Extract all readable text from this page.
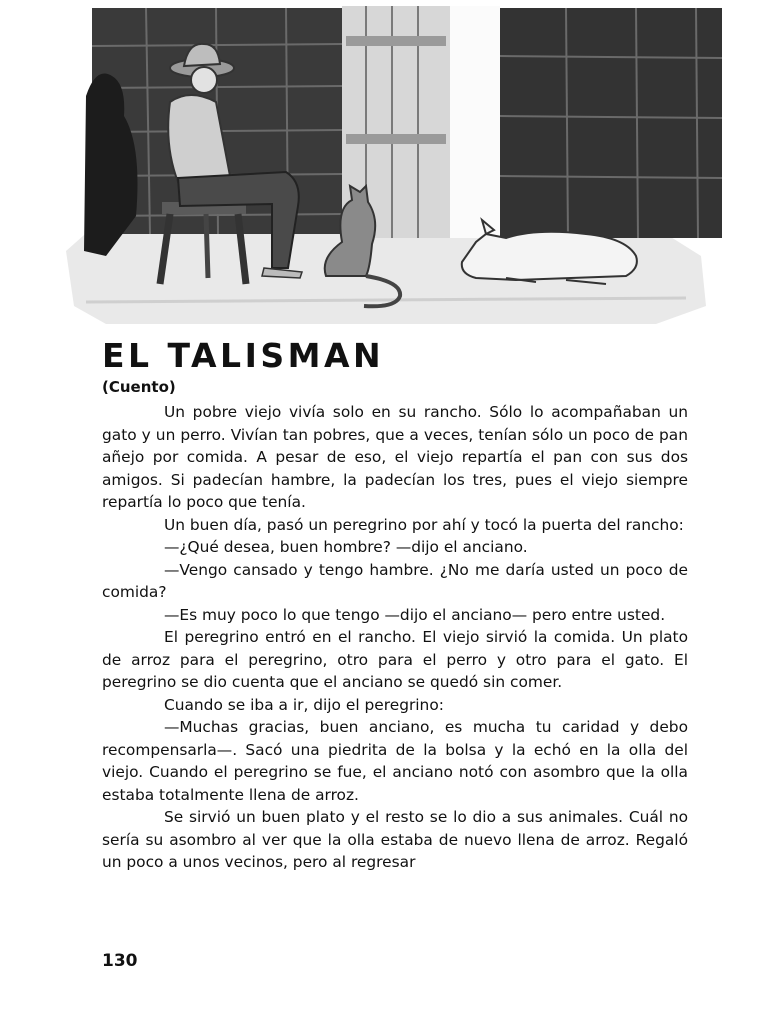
EL TALISMAN

(Cuento)

Un pobre viejo vivía solo en su rancho. Sólo lo acompañaban un gato y un perro. Vivían tan pobres, que a veces, tenían sólo un poco de pan añejo por comida. A pesar de eso, el viejo repartía el pan con sus dos amigos. Si padecían hambre, la padecían los tres, pues el viejo siempre repartía lo poco que tenía.

Un buen día, pasó un peregrino por ahí y tocó la puerta del rancho:

—¿Qué desea, buen hombre? —dijo el anciano.

—Vengo cansado y tengo hambre. ¿No me daría usted un poco de comida?

—Es muy poco lo que tengo —dijo el anciano— pero entre usted.

El peregrino entró en el rancho. El viejo sirvió la comida. Un plato de arroz para el peregrino, otro para el perro y otro para el gato. El peregrino se dio cuenta que el anciano se quedó sin comer.

Cuando se iba a ir, dijo el peregrino:

—Muchas gracias, buen anciano, es mucha tu caridad y debo recompensarla—. Sacó una piedrita de la bolsa y la echó en la olla del viejo. Cuando el peregrino se fue, el anciano notó con asombro que la olla estaba totalmente llena de arroz.

Se sirvió un buen plato y el resto se lo dio a sus animales. Cuál no sería su asombro al ver que la olla estaba de nuevo llena de arroz. Regaló un poco a unos vecinos, pero al regresar

130
